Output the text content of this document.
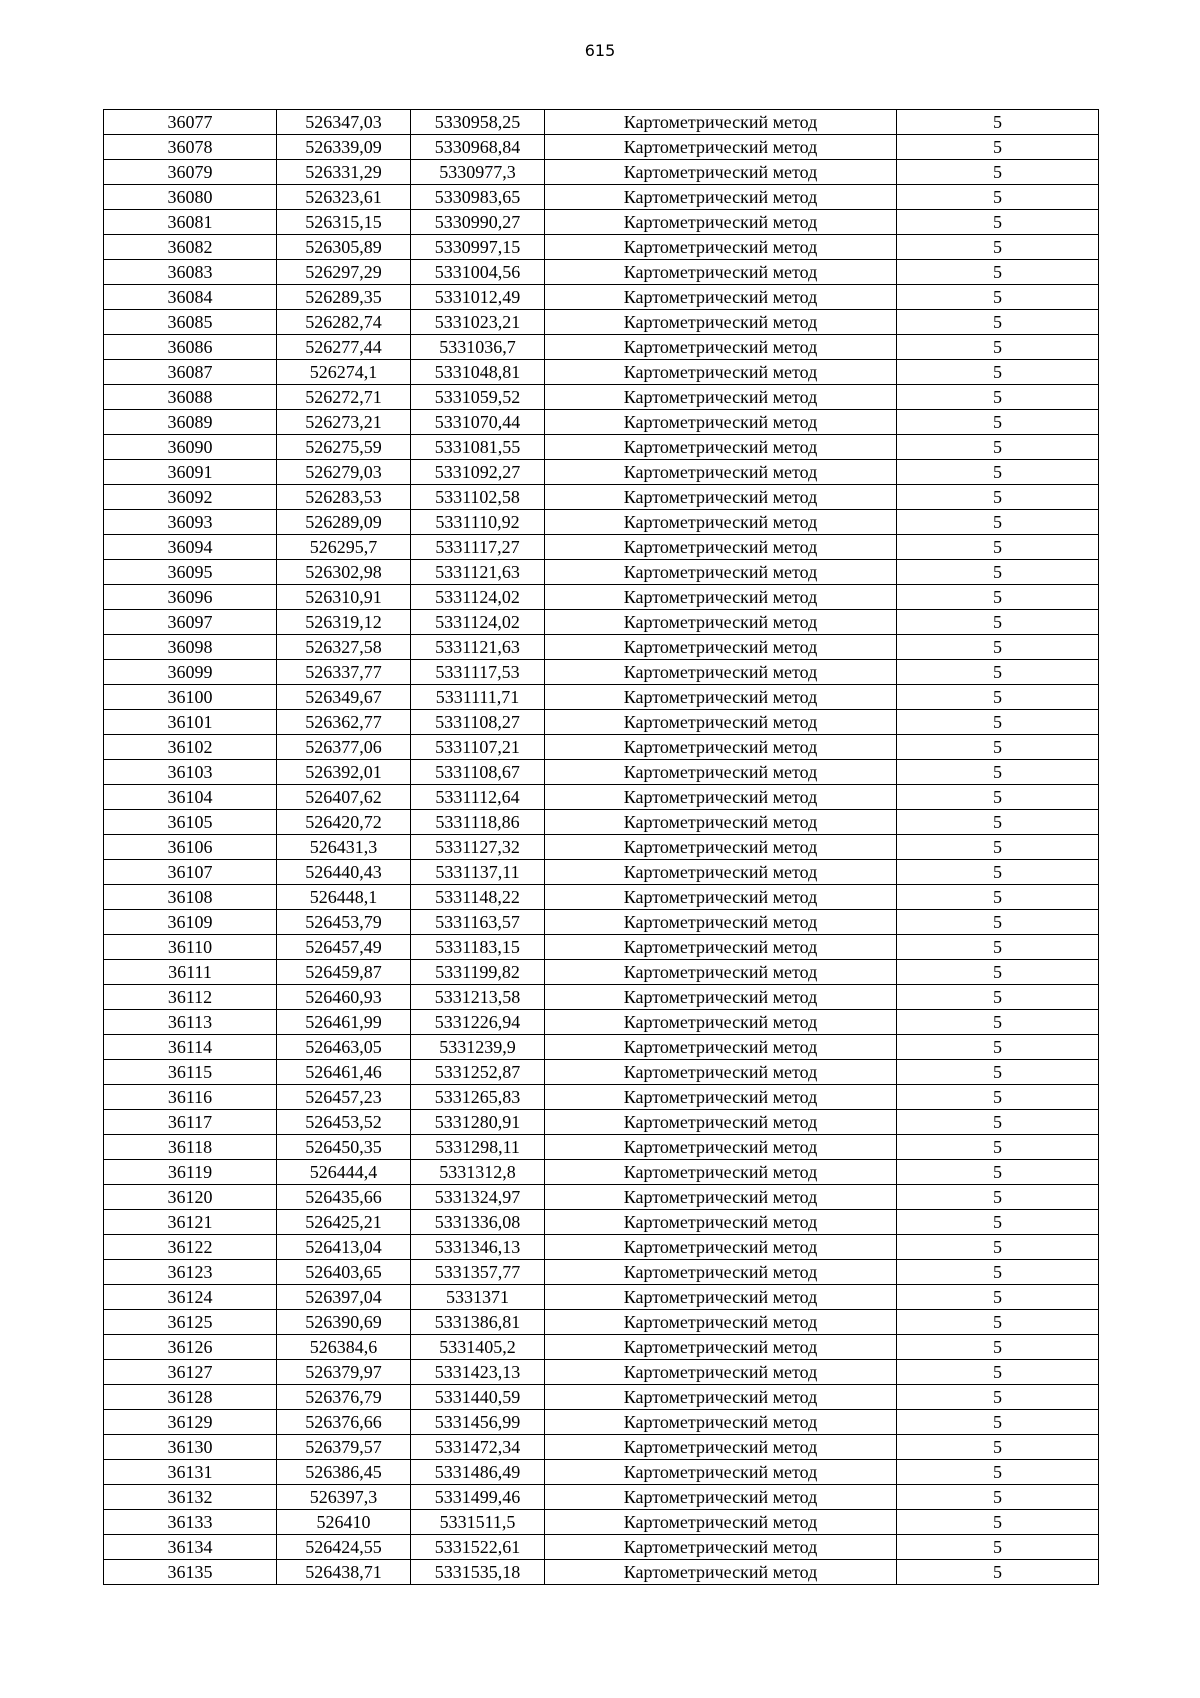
615
36077	526347,03	5330958,25	Картометрический метод	5
36078	526339,09	5330968,84	Картометрический метод	5
36079	526331,29	5330977,3	Картометрический метод	5
36080	526323,61	5330983,65	Картометрический метод	5
36081	526315,15	5330990,27	Картометрический метод	5
36082	526305,89	5330997,15	Картометрический метод	5
36083	526297,29	5331004,56	Картометрический метод	5
36084	526289,35	5331012,49	Картометрический метод	5
36085	526282,74	5331023,21	Картометрический метод	5
36086	526277,44	5331036,7	Картометрический метод	5
36087	526274,1	5331048,81	Картометрический метод	5
36088	526272,71	5331059,52	Картометрический метод	5
36089	526273,21	5331070,44	Картометрический метод	5
36090	526275,59	5331081,55	Картометрический метод	5
36091	526279,03	5331092,27	Картометрический метод	5
36092	526283,53	5331102,58	Картометрический метод	5
36093	526289,09	5331110,92	Картометрический метод	5
36094	526295,7	5331117,27	Картометрический метод	5
36095	526302,98	5331121,63	Картометрический метод	5
36096	526310,91	5331124,02	Картометрический метод	5
36097	526319,12	5331124,02	Картометрический метод	5
36098	526327,58	5331121,63	Картометрический метод	5
36099	526337,77	5331117,53	Картометрический метод	5
36100	526349,67	5331111,71	Картометрический метод	5
36101	526362,77	5331108,27	Картометрический метод	5
36102	526377,06	5331107,21	Картометрический метод	5
36103	526392,01	5331108,67	Картометрический метод	5
36104	526407,62	5331112,64	Картометрический метод	5
36105	526420,72	5331118,86	Картометрический метод	5
36106	526431,3	5331127,32	Картометрический метод	5
36107	526440,43	5331137,11	Картометрический метод	5
36108	526448,1	5331148,22	Картометрический метод	5
36109	526453,79	5331163,57	Картометрический метод	5
36110	526457,49	5331183,15	Картометрический метод	5
36111	526459,87	5331199,82	Картометрический метод	5
36112	526460,93	5331213,58	Картометрический метод	5
36113	526461,99	5331226,94	Картометрический метод	5
36114	526463,05	5331239,9	Картометрический метод	5
36115	526461,46	5331252,87	Картометрический метод	5
36116	526457,23	5331265,83	Картометрический метод	5
36117	526453,52	5331280,91	Картометрический метод	5
36118	526450,35	5331298,11	Картометрический метод	5
36119	526444,4	5331312,8	Картометрический метод	5
36120	526435,66	5331324,97	Картометрический метод	5
36121	526425,21	5331336,08	Картометрический метод	5
36122	526413,04	5331346,13	Картометрический метод	5
36123	526403,65	5331357,77	Картометрический метод	5
36124	526397,04	5331371	Картометрический метод	5
36125	526390,69	5331386,81	Картометрический метод	5
36126	526384,6	5331405,2	Картометрический метод	5
36127	526379,97	5331423,13	Картометрический метод	5
36128	526376,79	5331440,59	Картометрический метод	5
36129	526376,66	5331456,99	Картометрический метод	5
36130	526379,57	5331472,34	Картометрический метод	5
36131	526386,45	5331486,49	Картометрический метод	5
36132	526397,3	5331499,46	Картометрический метод	5
36133	526410	5331511,5	Картометрический метод	5
36134	526424,55	5331522,61	Картометрический метод	5
36135	526438,71	5331535,18	Картометрический метод	5
